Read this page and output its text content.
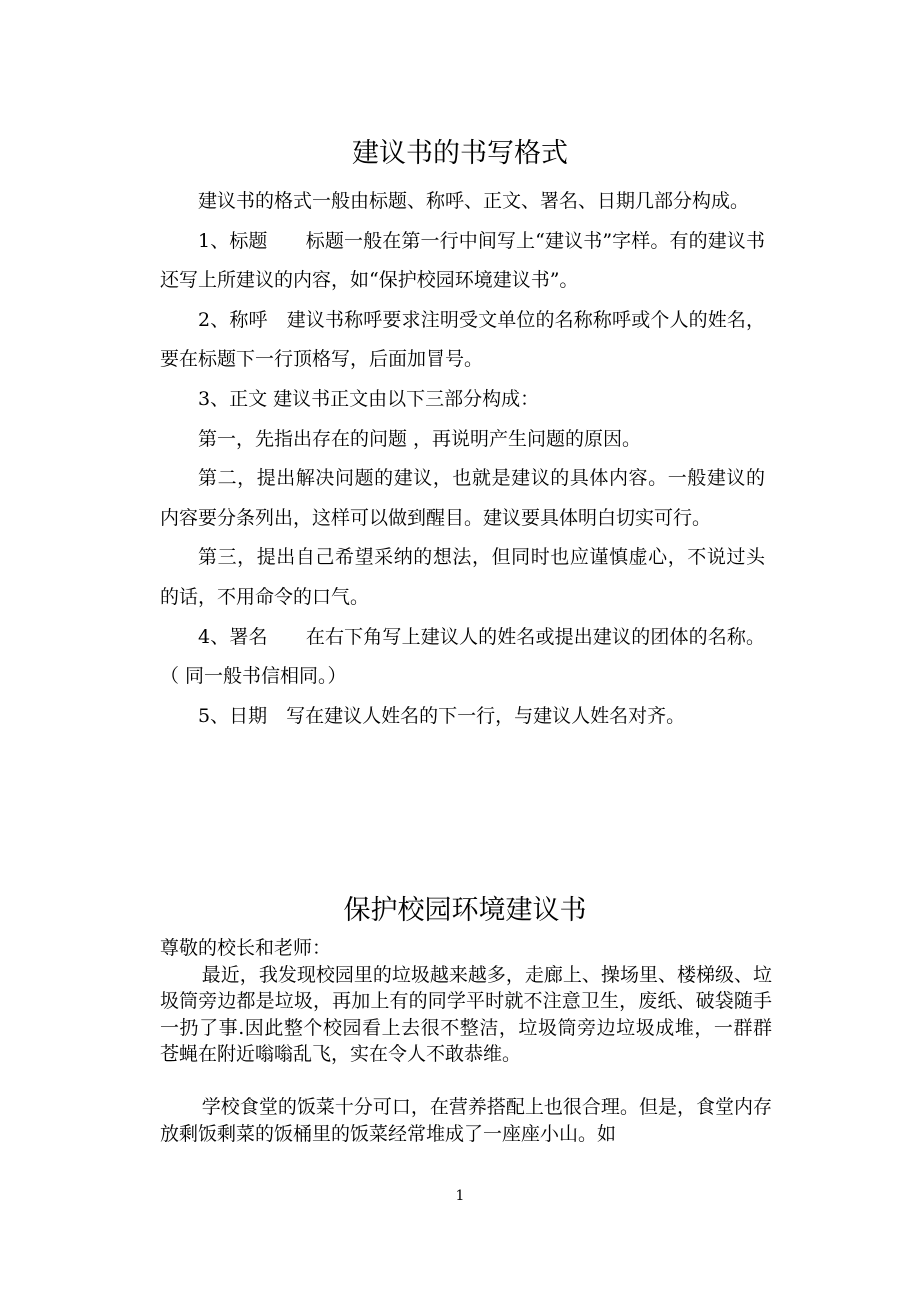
建议书的书写格式

建议书的格式一般由标题、称呼、正文、署名、日期几部分构成。

1、标题　　标题一般在第一行中间写上“建议书”字样。有的建议书还写上所建议的内容，如“保护校园环境建议书”。

2、称呼　建议书称呼要求注明受文单位的名称称呼或个人的姓名，要在标题下一行顶格写，后面加冒号。

3、正文 建议书正文由以下三部分构成：

第一，先指出存在的问题 ，再说明产生问题的原因。

第二，提出解决问题的建议，也就是建议的具体内容。一般建议的内容要分条列出，这样可以做到醒目。建议要具体明白切实可行。

第三，提出自己希望采纳的想法，但同时也应谨慎虚心，不说过头的话，不用命令的口气。

4、署名　　在右下角写上建议人的姓名或提出建议的团体的名称。（ 同一般书信相同。）

5、日期　写在建议人姓名的下一行，与建议人姓名对齐。

保护校园环境建议书

尊敬的校长和老师：

最近，我发现校园里的垃圾越来越多，走廊上、操场里、楼梯级、垃圾筒旁边都是垃圾，再加上有的同学平时就不注意卫生，废纸、破袋随手一扔了事.因此整个校园看上去很不整洁，垃圾筒旁边垃圾成堆，一群群苍蝇在附近嗡嗡乱飞，实在令人不敢恭维。

学校食堂的饭菜十分可口，在营养搭配上也很合理。但是，食堂内存放剩饭剩菜的饭桶里的饭菜经常堆成了一座座小山。如

1
